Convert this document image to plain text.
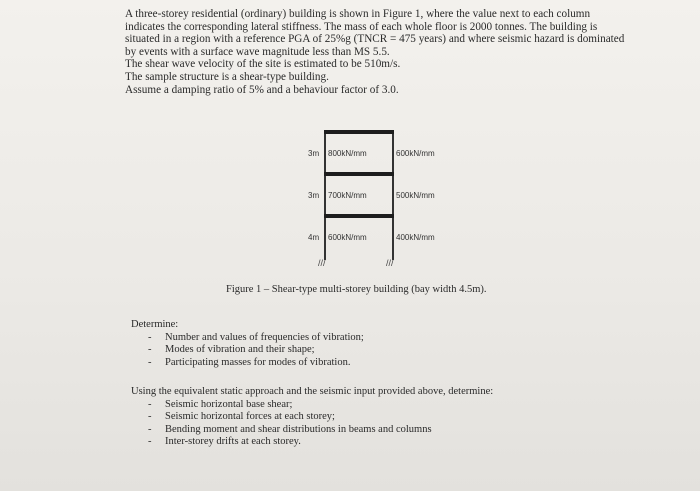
A three-storey residential (ordinary) building is shown in Figure 1, where the value next to each column indicates the corresponding lateral stiffness. The mass of each whole floor is 2000 tonnes. The building is situated in a region with a reference PGA of 25%g (TNCR = 475 years) and where seismic hazard is dominated by events with a surface wave magnitude less than MS 5.5.

The shear wave velocity of the site is estimated to be 510m/s.

The sample structure is a shear-type building.

Assume a damping ratio of 5% and a behaviour factor of 3.0.

3m 800kN/mm	600kN/mm
3m 700kN/mm	500kN/mm
4m 600kN/mm	400kN/mm
///	///
Figure 1 – Shear-type multi-storey building (bay width 4.5m).
Determine:
- Number and values of frequencies of vibration;
- Modes of vibration and their shape;
- Participating masses for modes of vibration.
Using the equivalent static approach and the seismic input provided above, determine:
- Seismic horizontal base shear;
- Seismic horizontal forces at each storey;
- Bending moment and shear distributions in beams and columns
- Inter-storey drifts at each storey.
